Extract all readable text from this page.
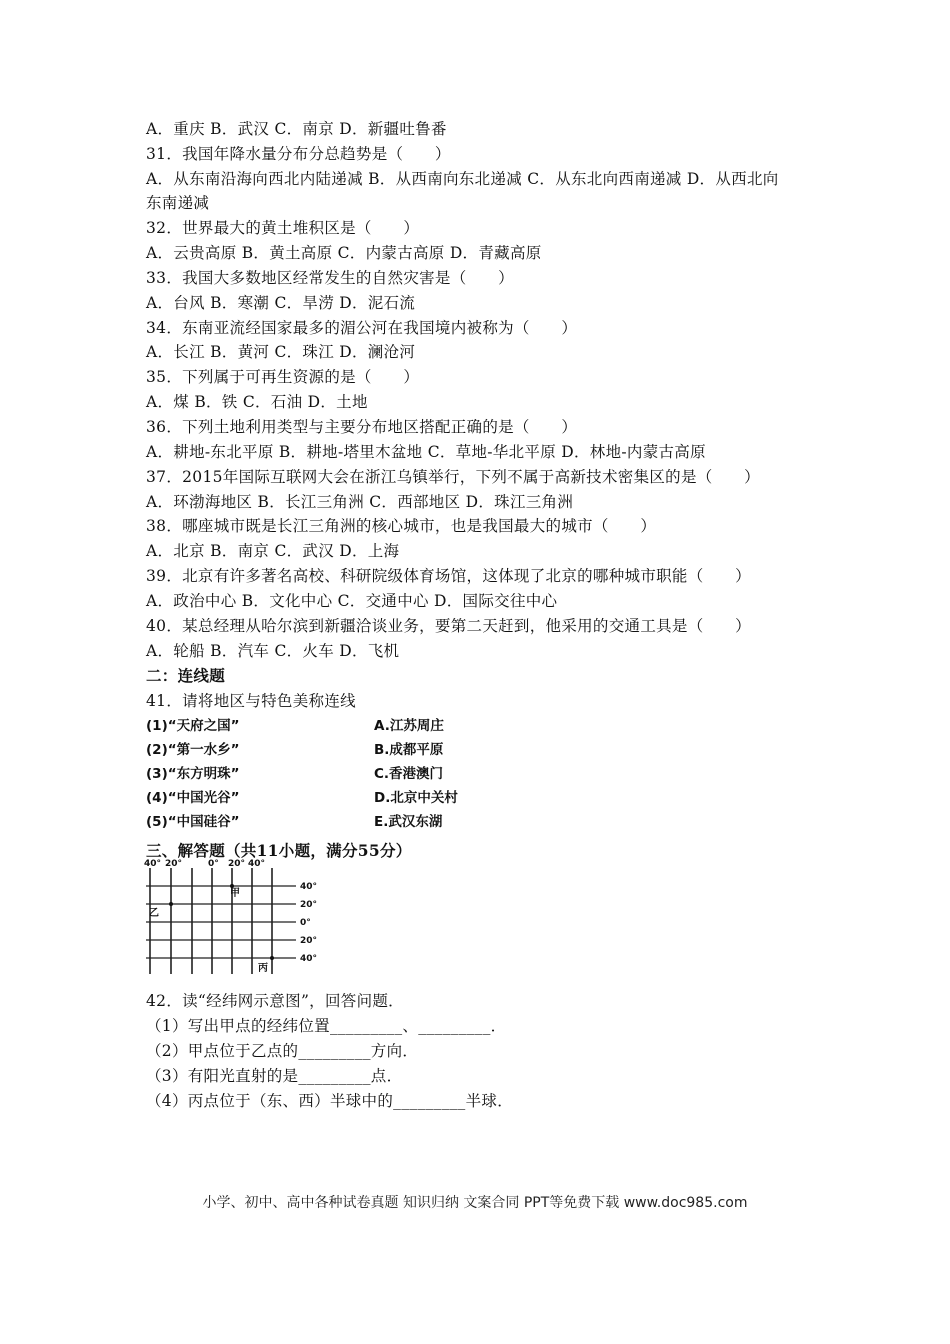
A．重庆 B．武汉 C．南京 D．新疆吐鲁番
31．我国年降水量分布分总趋势是（　　）
A．从东南沿海向西北内陆递减 B．从西南向东北递减 C．从东北向西南递减 D．从西北向
东南递减
32．世界最大的黄土堆积区是（　　）
A．云贵高原 B．黄土高原 C．内蒙古高原 D．青藏高原
33．我国大多数地区经常发生的自然灾害是（　　）
A．台风 B．寒潮 C．旱涝 D．泥石流
34．东南亚流经国家最多的湄公河在我国境内被称为（　　）
A．长江 B．黄河 C．珠江 D．澜沧河
35．下列属于可再生资源的是（　　）
A．煤 B．铁 C．石油 D．土地
36．下列土地利用类型与主要分布地区搭配正确的是（　　）
A．耕地-东北平原 B．耕地-塔里木盆地 C．草地-华北平原 D．林地-内蒙古高原
37．2015年国际互联网大会在浙江乌镇举行，下列不属于高新技术密集区的是（　　）
A．环渤海地区 B．长江三角洲 C．西部地区 D．珠江三角洲
38．哪座城市既是长江三角洲的核心城市，也是我国最大的城市（　　）
A．北京 B．南京 C．武汉 D．上海
39．北京有许多著名高校、科研院级体育场馆，这体现了北京的哪种城市职能（　　）
A．政治中心 B．文化中心 C．交通中心 D．国际交往中心
40．某总经理从哈尔滨到新疆洽谈业务，要第二天赶到，他采用的交通工具是（　　）
A．轮船 B．汽车 C．火车 D．飞机
二：连线题
41．请将地区与特色美称连线
(1)“天府之国”	A.江苏周庄
(2)“第一水乡”	B.成都平原
(3)“东方明珠”	C.香港澳门
(4)“中国光谷”	D.北京中关村
(5)“中国硅谷”	E.武汉东湖
三、解答题（共11小题，满分55分）
40° 20°	0° 20° 40°
40°
20°
0°
20°
40°
甲
乙
丙
42．读“经纬网示意图”，回答问题．
（1）写出甲点的经纬位置_________、_________．
（2）甲点位于乙点的_________方向．
（3）有阳光直射的是_________点．
（4）丙点位于（东、西）半球中的_________半球．
小学、初中、高中各种试卷真题 知识归纳 文案合同 PPT等免费下载 www.doc985.com
